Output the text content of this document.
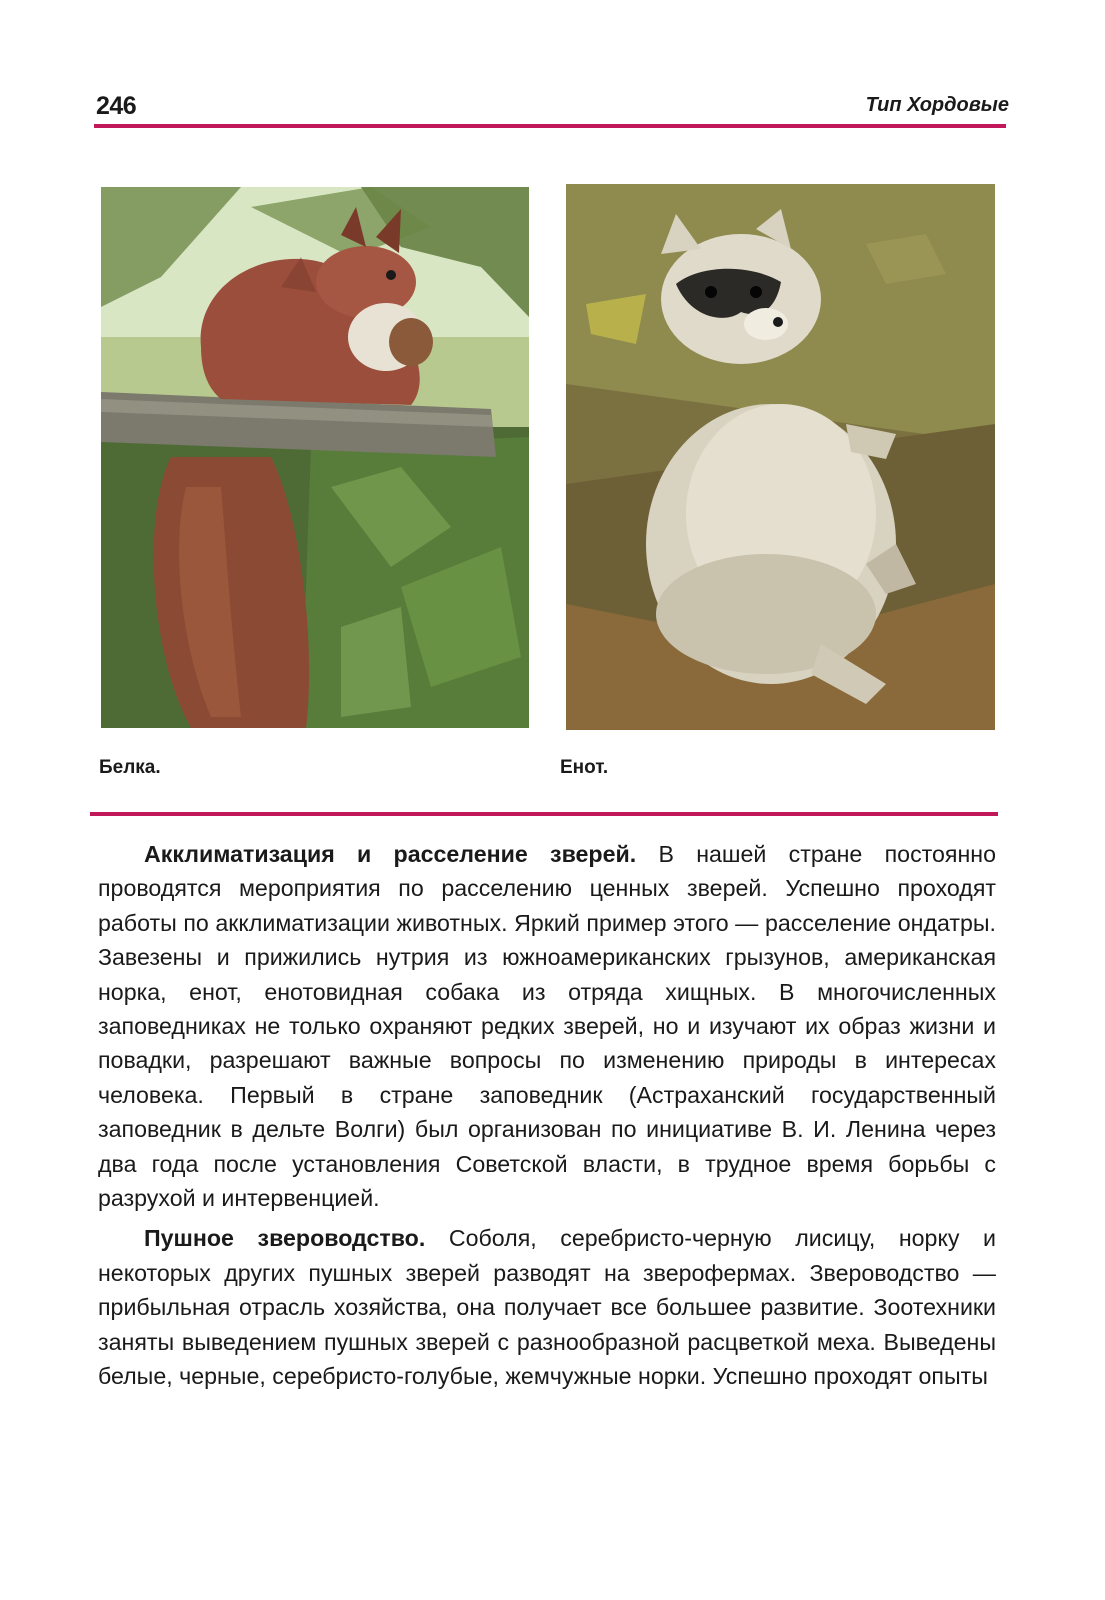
246	Тип Хордовые
Белка.	Енот.

Акклиматизация и расселение зверей. В нашей стране постоянно проводятся мероприятия по расселению ценных зверей. Успешно проходят работы по акклиматизации животных. Яркий пример этого — расселение ондатры. Завезены и прижились нутрия из южноамериканских грызунов, американская норка, енот, енотовидная собака из отряда хищных. В многочисленных заповедниках не только охраняют редких зверей, но и изучают их образ жизни и повадки, разрешают важные вопросы по изменению природы в интересах человека. Первый в стране заповедник (Астраханский государственный заповедник в дельте Волги) был организован по инициативе В. И. Ленина через два года после установления Советской власти, в трудное время борьбы с разрухой и интервенцией.

Пушное звероводство. Соболя, серебристо-черную лисицу, норку и некоторых других пушных зверей разводят на зверофермах. Звероводство — прибыльная отрасль хозяйства, она получает все большее развитие. Зоотехники заняты выведением пушных зверей с разнообразной расцветкой меха. Выведены белые, черные, серебристо-голубые, жемчужные норки. Успешно проходят опыты
